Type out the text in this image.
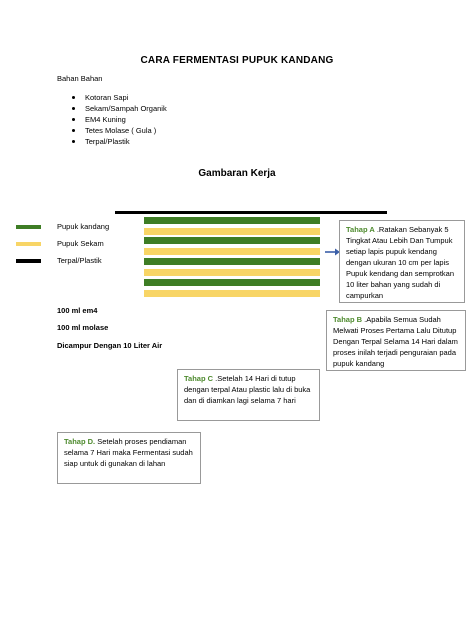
CARA FERMENTASI PUPUK KANDANG
Bahan Bahan
Kotoran Sapi
Sekam/Sampah Organik
EM4 Kuning
Tetes Molase ( Gula )
Terpal/Plastik
Gambaran Kerja
Pupuk kandang
Pupuk Sekam
Terpal/Plastik
100 ml em4
100 ml molase
Dicampur Dengan 10 Liter Air
Tahap A .Ratakan Sebanyak 5 Tingkat Atau Lebih Dan Tumpuk setiap lapis pupuk kendang dengan ukuran 10 cm per lapis Pupuk kendang dan semprotkan 10 liter bahan yang sudah di campurkan
Tahap B .Apabila Semua Sudah Melwati Proses Pertama Lalu Ditutup Dengan Terpal Selama 14 Hari dalam proses inilah terjadi penguraian pada pupuk kandang
Tahap C .Setelah 14 Hari di tutup dengan terpal Atau plastic lalu di buka dan di diamkan lagi selama 7 hari
Tahap D. Setelah proses pendiaman selama 7 Hari maka Fermentasi sudah siap untuk di gunakan di lahan
